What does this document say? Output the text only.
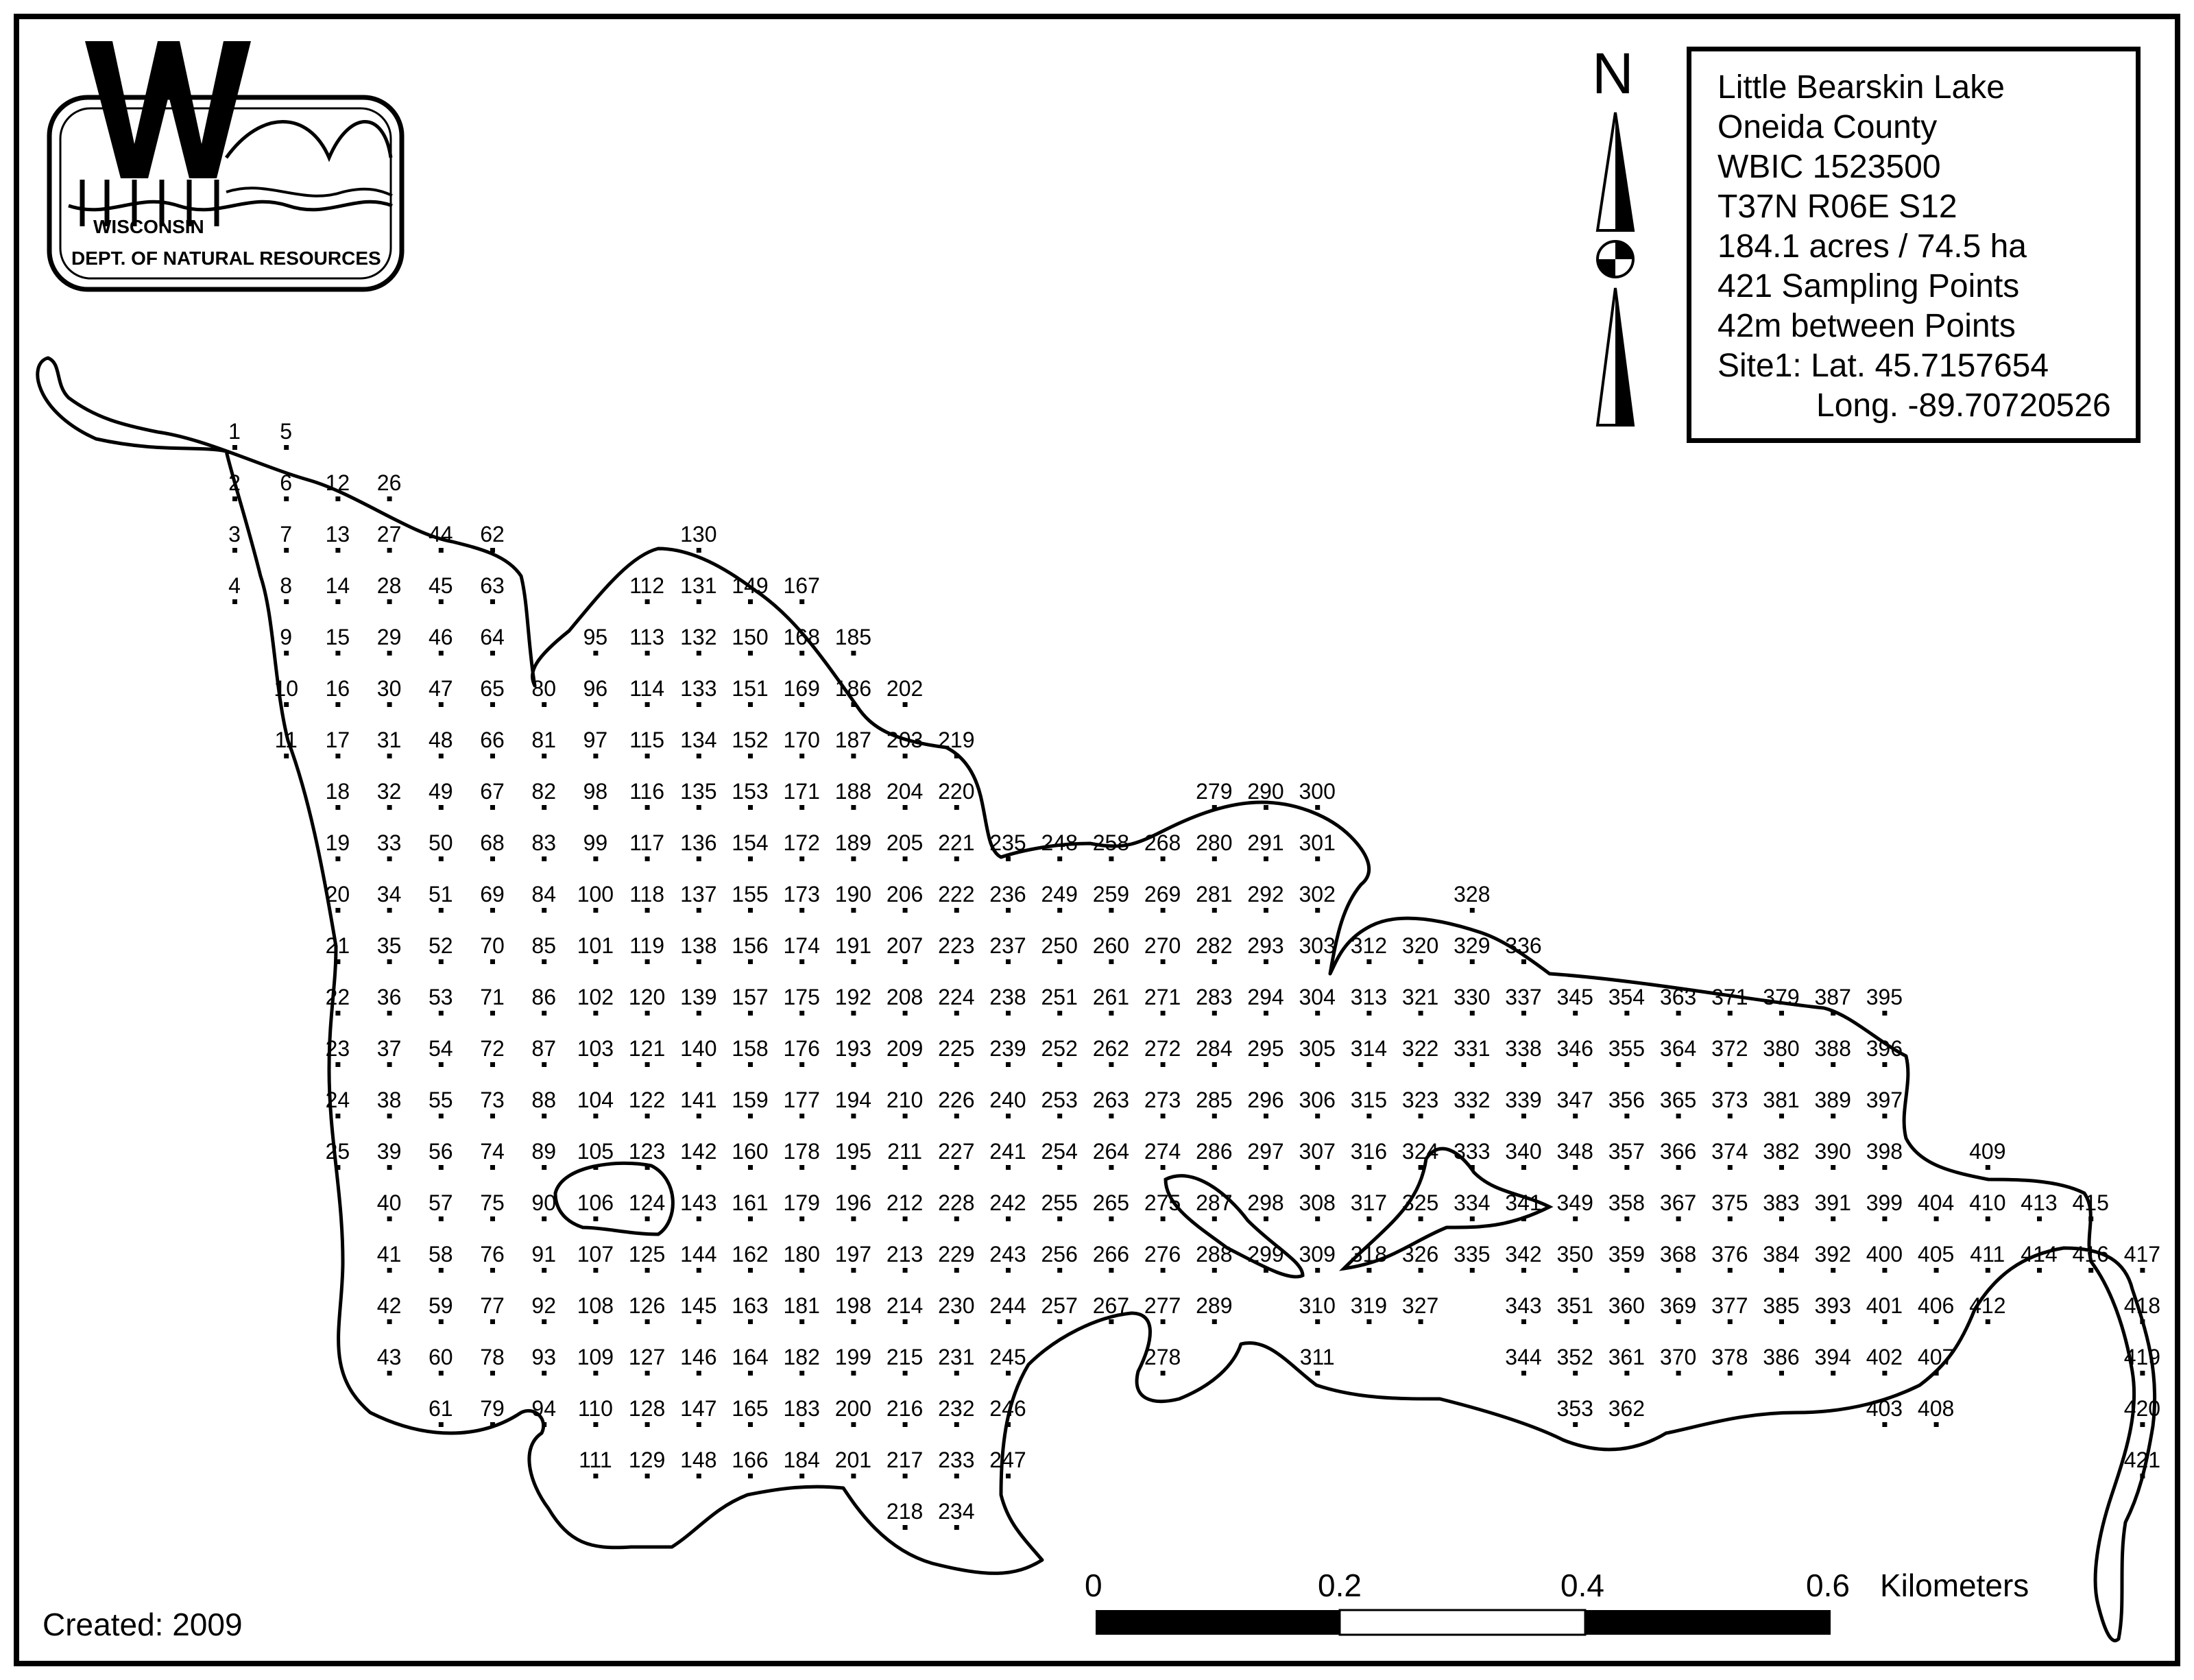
1
2
3
4
5
6
7
8
9
10
11
12
13
14
15
16
17
18
19
20
21
22
23
24
25
26
27
28
29
30
31
32
33
34
35
36
37
38
39
40
41
42
43
44
45
46
47
48
49
50
51
52
53
54
55
56
57
58
59
60
61
62
63
64
65
66
67
68
69
70
71
72
73
74
75
76
77
78
79
80
81
82
83
84
85
86
87
88
89
90
91
92
93
94
95
96
97
98
99
100
101
102
103
104
105
106
107
108
109
110
111
112
113
114
115
116
117
118
119
120
121
122
123
124
125
126
127
128
129
130
131
132
133
134
135
136
137
138
139
140
141
142
143
144
145
146
147
148
149
150
151
152
153
154
155
156
157
158
159
160
161
162
163
164
165
166
167
168
169
170
171
172
173
174
175
176
177
178
179
180
181
182
183
184
185
186
187
188
189
190
191
192
193
194
195
196
197
198
199
200
201
202
203
204
205
206
207
208
209
210
211
212
213
214
215
216
217
218
219
220
221
222
223
224
225
226
227
228
229
230
231
232
233
234
235
236
237
238
239
240
241
242
243
244
245
246
247
248
249
250
251
252
253
254
255
256
257
258
259
260
261
262
263
264
265
266
267
268
269
270
271
272
273
274
275
276
277
278
279
280
281
282
283
284
285
286
287
288
289
290
291
292
293
294
295
296
297
298
299
300
301
302
303
304
305
306
307
308
309
310
311
312
313
314
315
316
317
318
319
320
321
322
323
324
325
326
327
328
329
330
331
332
333
334
335
336
337
338
339
340
341
342
343
344
345
346
347
348
349
350
351
352
353
354
355
356
357
358
359
360
361
362
363
364
365
366
367
368
369
370
371
372
373
374
375
376
377
378
379
380
381
382
383
384
385
386
387
388
389
390
391
392
393
394
395
396
397
398
399
400
401
402
403
404
405
406
407
408
409
410
411
412
413
414
415
416 417
418
419
420
421
WISCONSIN
DEPT. OF NATURAL RESOURCES
N
0	0.2	0.4	0.6 Kilometers
Little Bearskin Lake
Oneida County
WBIC 1523500
T37N R06E S12
184.1 acres / 74.5 ha
421 Sampling Points
42m between Points
Site1: Lat. 45.7157654
Long. -89.70720526
Created: 2009
